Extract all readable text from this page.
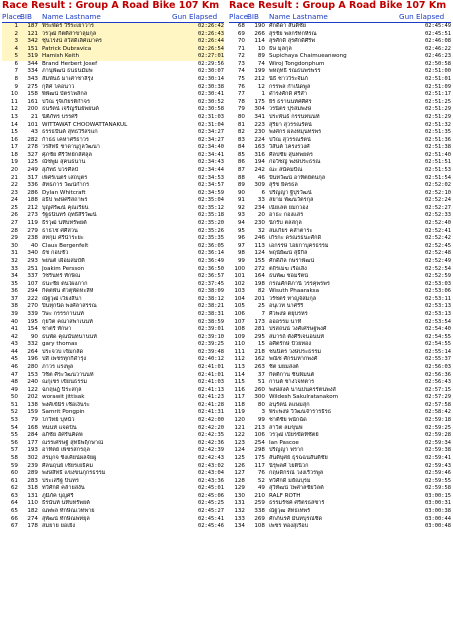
Race Result : Group A Road Bike 107 Km
Place
BIB	Name Lastname	Gun Elapsed
1	187 ฟีระพัดร์ วีรีระเยาวาร	02:26:42
2	121 วรวุฒิ กิตติสาขาลุมกุล	02:26:43
3	342 ชุ่นโรงน์ สวัสดิ์เลิศเมาคร	02:26:44
4	151 Patrick Dubravica	02:26:54
5	319 Hamish Keith	02:27:01
6	344 Brand Herbert Josef	02:29:56
7	334 ภานุพัฒน์ ธนธนมัมพ	02:30:07
8	343 สัมพันธ์ มาเศาชาลีรุ่ง	02:30:14
9	275 กุลิศ โคอนาว	02:30:38
10	158 พิพัฒน์ บัตรโพลิกล	02:30:41
11	161 ปวีณ รุจิเกียรติกำจร	02:30:52
12	200 ธนรัตน์ เจริญรัมย์พยนต์	02:30:58
13	21 นิติภัทร บรรศรี	02:31:03
14	101 WITTAWAT CHOOWATTANAKUL	02:31:04
15	43 ธรรธปันต์ สุทธวิริสรแก	02:34:27
16	282 ก้าธธ เคหาศรีธาวร	02:34:27
17	278 วรสิทธิ์ ชาดานุกูลวัฒนา	02:34:40
18	327 ศุภชัย ศิรีวัทย์กลัศลุล	02:34:41
19	125 ณัชพูม สุคนธนาน	02:34:43
20	249 สุภัทธ์ บวรศิลป์	02:34:44
21	317 เพ็ศร์เนตร์ เสถบุตร	02:34:53
22	336 ลัทธภาร วัฒน์กำกร	02:34:57
23	286 Dylan Whitcraft	02:34:59
24	188 อธิป พงษ์ศรีสถาพร	02:35:04
25	212 บุญศรัฒน์ คุณเรียน	02:35:12
26	273 รัฐธนินทร์ ฤทธิสิริวัฒน์	02:35:18
27	119 ธีรวุฒิ นทีบทรัพยต์	02:35:20
28	279 ธาธไช่ ศศิสวน	02:35:26
29	238 ลทกุม ศรีนำระยะ	02:35:35
30	40 Claus Bergenfelt	02:36:05
31	340 ธัช กอบชัว	02:36:14
32	293 พยนต์ เผือมสมบัติ	02:36:49
33	251 Joakim Persson	02:36:50
34	337 วัชรินทร์ ทักษิณ	02:36:57
35	107 ธนะชัย ตนใผงภาก	02:37:45
36	294 กิตตพัน ตัวตุพัดหะสิห์	02:38:09
37	222 ณัฐวุฒิ เวียงสินา	02:38:12
38	270 ปินทุกนิด พงศ์ลาสรรณ	02:38:21
39	339 วิษะ กรรรกานนท์	02:38:31
40	195 กุยวิต คณาสพาเนนท์	02:38:59
41	154 ชาตรี ทักษา	02:39:01
42	90 ธนพัด คุณนันทนานนท์	02:39:10
43	332 gary thomas	02:39:25
44	264 ประจวบ เข็มกลัด	02:39:48
45	196 ปสิ เพชรทุกกีดำรุ่ง	02:40:12
46	280 ภาวร แรงพูล	02:41:01
47	153 วิชิต ศิระวัฒนวานนท์	02:41:01
48	240 ณกุเชร เขียนธรรม	02:41:03
49	122 ฉกฤษฎ์ ปิระสกุล	02:41:13
50	202 worawit jittisak	02:41:23
51	138 พงศ์เข้มิร์ เชื้อเงินระ	02:41:28
52	159 Samrit Pongpin	02:41:31
53	79 โกวิทย์ บุหนัว	02:42:00
54	168 ทนนท์ แจดบิ้น	02:42:20
55	284 อภิชัย อัศรันคิดพ์	02:42:35
56	177 ณรรเศรษฐ์ สุทธิพฤ็กษาณ์	02:42:36
57	193 อาทิตย์ เพ็ชรสกรฤล	02:42:39
58	302 สรมุกจ ชิงเคียน์ผลจัยผู	02:42:43
59	239 ศิลนฤนย์ เชียรเยธิคม	02:43:02
60	289 พงษ์สิทธิ์ แขงขนภุกรธรรม	02:43:04
61	283 ประเสริฐ บินทร	02:43:36
62	318 ทวีศักดิ์ คล้ายสงัน	02:45:01
63	131 ภูมิภัค บุญศรี	02:45:06
64	110 ธีรนันท์ นทีบทรัพยต์	02:45:25
65	182 ณพพล ทักษิณเวทพาย	02:45:27
66	274 สุพัฒน์ ทักษิณพทยุล	02:45:41
67	178 สมยาย ยอเยีง	02:45:46
Race Result : Group A Road Bike 107 Km
Place
BIB	Name Lastname	Gun Elapsed
68	190 ศักดิ์ดา สันติชัย	02:45:49
69	266 สุรชัย พลกรัทกหิรณ	02:45:51
70	114 สุรศักดิ์ สุรศักดิ์ศิริพ่	02:46:08
71	10 ธิษ มุลกุล	02:46:22
72	89 Supichaya Chaimueanwong	02:46:23
73	74 Wiroj Tongdonphum	02:50:58
74	199 พหฤทธิ์ รณธนพรพรร	02:51:00
75	212 นิธิ ชาววีระจัมภ์	02:51:01
76	12 กรรพล กำเนิดพูล	02:51:09
77	1 ดำรงศักดิ์ ศรีสำ	02:51:17
78	175 ยิร์ ธรานนท์ศศิศร	02:51:25
79	304 วรนิตร ปุรสมพงษ์	02:51:29
80	341 ประพันธ์ กรรนทนนท์	02:51:29
81	223 สุริยา สุวรรณรัตน์	02:51:32
82	230 พงศกร ผลงหมุนทรพร	02:51:35
83	224 ปวีณ สุวรรณรัตน์	02:51:36
84	163 วิสันต์ โครงรวงศ์	02:51:38
85	316 ศิลปชัย สุนทพยตร	02:51:40
86	194 ก่อวิชญ์ พงษ์ประธรณ	02:51:51
87	242 ณะ สนัคมปัณ	02:51:53
88	46 ปันทวัฒน์ อาทิตย์ตนกุล	02:51:54
89	309 สุรัช ยิครธล	02:52:02
90	6 ปริญญา ฐิปุรวัฒน์	02:52:10
91	33 สยาม พัฒนวัตรกุล	02:52:24
92	234 เนียเลต ยมกวอง	02:52:27
93	20 อาธะ กองแสร	02:52:33
94	230 นิกรับ ตลสกุล	02:52:40
95	32 สมเกียร คล้ำตาระ	02:52:41
96	246 เกีรกะ ดรณรธนะศักดิ์	02:52:42
97	113 เอกรรษ์ ไอยกาบุครธรรม	02:52:45
98	124 พฤนัยัฒน์ สุธีกิล	02:52:48
99	155 ศักดิ์ภิล กษราพัฒน์	02:52:49
100	272 ตถิรเมฆ เรือเลิง	02:52:54
101	164 ธนพัฒ ชอมรัตน์	02:52:59
102	198 กรณศักดิ์ภานิ วรรคุพรพร	02:53:03
103	82 Wisuth Phaaraksa	02:53:06
104	201 วรัชตร์ ทาญจ์สมกุล	02:53:11
105	25 อนุเวท นาศรีริ	02:53:13
106	7 ศิวพงษ์ ตยุบรหร	02:53:13
107	173 อออรรม นาที	02:53:54
108	281 ปรสถนน์ วงศ์เศรษฐพงศ์	02:54:40
109	295 สมารถ์ ตั้งศิริเจนอนนท์	02:54:55
110	15 อศิตรักษ์ ปัวยทอง	02:54:55
111	218 ชนนิตร วงษ์ประธรรม	02:55:14
112	162 พณิช ศักรมหากพงศ์	02:55:37
113	263 ชิต มยมสงต์	02:56:03
114	37 กิตติกาน ชินพิมนต์	02:56:36
115	51 กานต์ ชางโจทตาร	02:56:43
116	260 พงษ์สงค์ นานปนครรัตนพงส์	02:57:15
117	300 Wildesh Sakulratanakom	02:57:29
118	80 อนุรัตน์ ลแษมสุก	02:57:58
119	3 พีระพงษ์ วิวัฒนจำรารธิรธ	02:58:42
120	99 ชาติชัย พนักฉัด	02:59:18
121	213 สาวิต ลมขุนพ์	02:59:25
122	106 วรวุฒิ เปียรขัดทิชัตย์	02:59:28
123	254 Ian Pascoe	02:59:34
124	298 ปริญญา ฟราก	02:59:38
125	175 สันติบุศย์ ธุรฉฉนสันติชัย	02:59:41
126	117 นิรุพลศ์ โยตินิวก	02:59:43
127	76 กฤษดิกรณ์ วงงเรืวรพูล	02:59:46
128	52 ทวีศักดิ์ มยัณบุรม	02:59:55
129	49 สุวิทัฒน์ ใพศาลชัยวิลต์	02:59:58
130	210 RALF ROTH	03:00:15
131	259 ธรรมรัชค์ ศรีตรธสซาร์	03:00:31
132	338 ณัฐวุฒ ลัทธเทพร์	03:00:38
133	269 ศักภ์นรศ์ มันทบุรณ์ชิด	03:00:44
134	108 เพชร ทองสุเรือบ	03:00:48
